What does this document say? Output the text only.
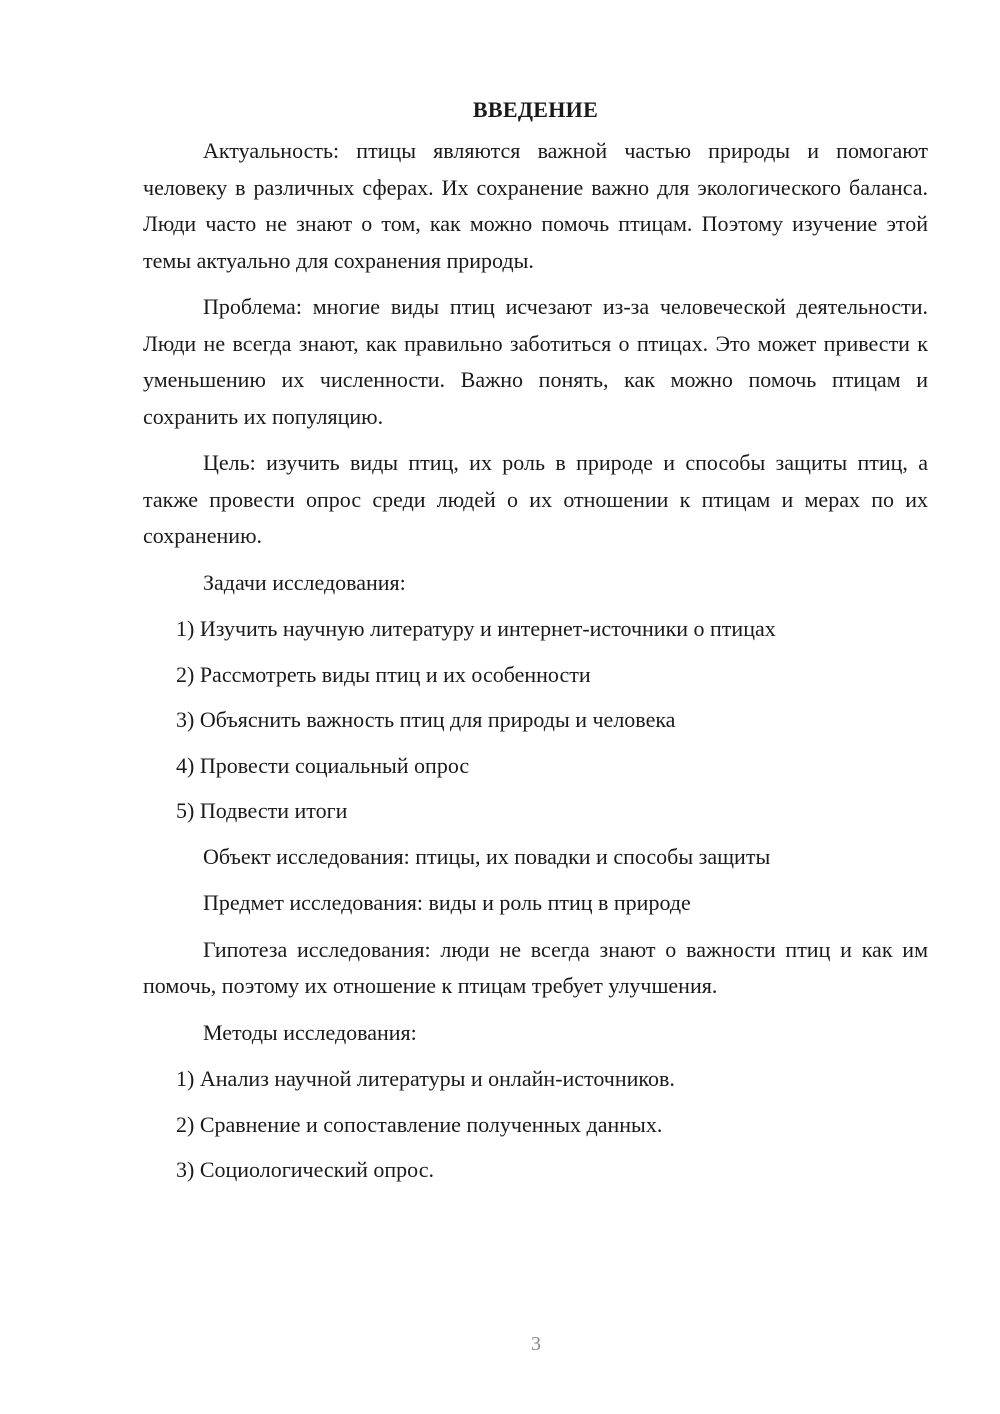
ВВЕДЕНИЕ

Актуальность: птицы являются важной частью природы и помогают человеку в различных сферах. Их сохранение важно для экологического баланса. Люди часто не знают о том, как можно помочь птицам. Поэтому изучение этой темы актуально для сохранения природы.

Проблема: многие виды птиц исчезают из-за человеческой деятельности. Люди не всегда знают, как правильно заботиться о птицах. Это может привести к уменьшению их численности. Важно понять, как можно помочь птицам и сохранить их популяцию.

Цель: изучить виды птиц, их роль в природе и способы защиты птиц, а также провести опрос среди людей о их отношении к птицам и мерах по их сохранению.

Задачи исследования:

1) Изучить научную литературу и интернет-источники о птицах
2) Рассмотреть виды птиц и их особенности
3) Объяснить важность птиц для природы и человека
4) Провести социальный опрос
5) Подвести итоги

Объект исследования: птицы, их повадки и способы защиты

Предмет исследования: виды и роль птиц в природе

Гипотеза исследования: люди не всегда знают о важности птиц и как им помочь, поэтому их отношение к птицам требует улучшения.

Методы исследования:

1) Анализ научной литературы и онлайн-источников.
2) Сравнение и сопоставление полученных данных.
3) Социологический опрос.
3
